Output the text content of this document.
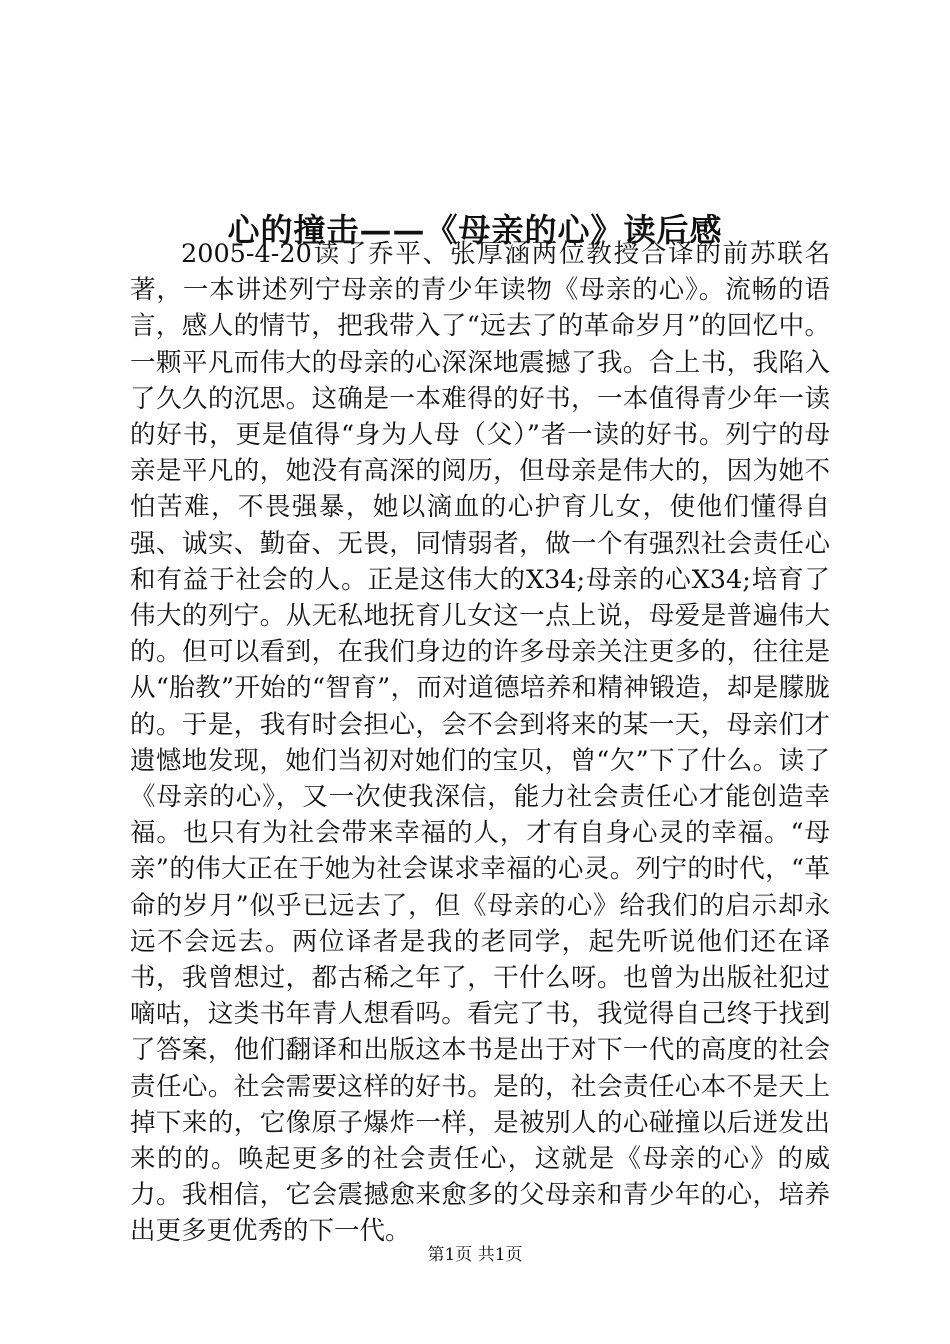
心的撞击——《母亲的心》读后感

2005-4-20读了乔平、张厚涵两位教授合译的前苏联名著，一本讲述列宁母亲的青少年读物《母亲的心》。流畅的语言，感人的情节，把我带入了“远去了的革命岁月”的回忆中。一颗平凡而伟大的母亲的心深深地震撼了我。合上书，我陷入了久久的沉思。这确是一本难得的好书，一本值得青少年一读的好书，更是值得“身为人母（父）”者一读的好书。列宁的母亲是平凡的，她没有高深的阅历，但母亲是伟大的，因为她不怕苦难，不畏强暴，她以滴血的心护育儿女，使他们懂得自强、诚实、勤奋、无畏，同情弱者，做一个有强烈社会责任心和有益于社会的人。正是这伟大的X34;母亲的心X34;培育了伟大的列宁。从无私地抚育儿女这一点上说，母爱是普遍伟大的。但可以看到，在我们身边的许多母亲关注更多的，往往是从“胎教”开始的“智育”，而对道德培养和精神锻造，却是朦胧的。于是，我有时会担心，会不会到将来的某一天，母亲们才遗憾地发现，她们当初对她们的宝贝，曾“欠”下了什么。读了《母亲的心》，又一次使我深信，能力社会责任心才能创造幸福。也只有为社会带来幸福的人，才有自身心灵的幸福。“母亲”的伟大正在于她为社会谋求幸福的心灵。列宁的时代，“革命的岁月”似乎已远去了，但《母亲的心》给我们的启示却永远不会远去。两位译者是我的老同学，起先听说他们还在译书，我曾想过，都古稀之年了，干什么呀。也曾为出版社犯过嘀咕，这类书年青人想看吗。看完了书，我觉得自己终于找到了答案，他们翻译和出版这本书是出于对下一代的高度的社会责任心。社会需要这样的好书。是的，社会责任心本不是天上掉下来的，它像原子爆炸一样，是被别人的心碰撞以后迸发出来的的。唤起更多的社会责任心，这就是《母亲的心》的威力。我相信，它会震撼愈来愈多的父母亲和青少年的心，培养出更多更优秀的下一代。

第1页 共1页
